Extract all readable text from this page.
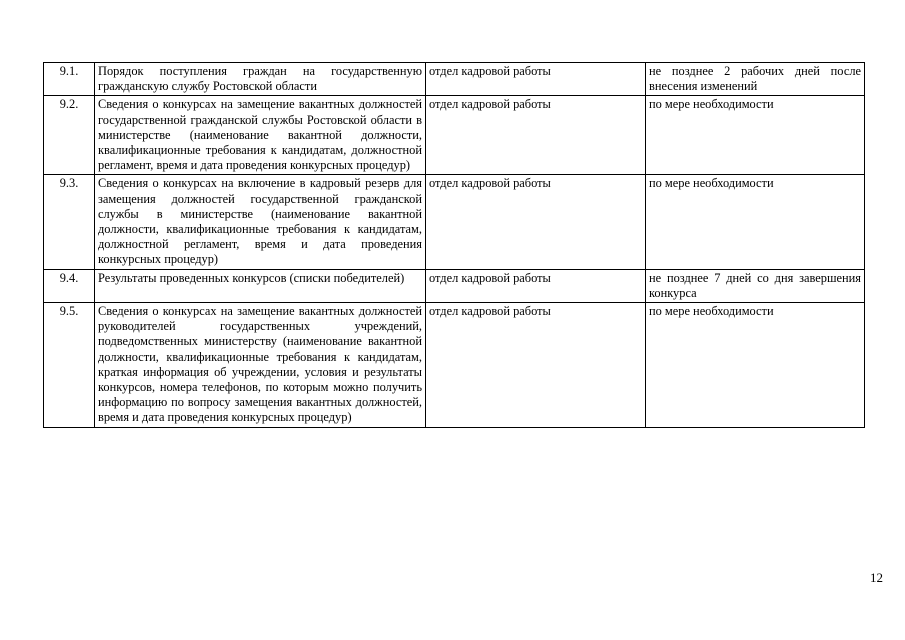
9.1.	Порядок поступления граждан на государственную гражданскую службу Ростовской области	отдел кадровой работы	не позднее 2 рабочих дней после внесения изменений
9.2.	Сведения о конкурсах на замещение вакантных должностей государственной гражданской службы Ростовской области в министерстве (наименование вакантной должности, квалификационные требования к кандидатам, должностной регламент, время и дата проведения конкурсных процедур)	отдел кадровой работы	по мере необходимости
9.3.	Сведения о конкурсах на включение в кадровый резерв для замещения должностей государственной гражданской службы в министерстве (наименование вакантной должности, квалификационные требования к кандидатам, должностной регламент, время и дата проведения конкурсных процедур)	отдел кадровой работы	по мере необходимости
9.4.	Результаты проведенных конкурсов (списки победителей)	отдел кадровой работы	не позднее 7 дней со дня завершения конкурса
9.5.	Сведения о конкурсах на замещение вакантных должностей руководителей государственных учреждений, подведомственных министерству (наименование вакантной должности, квалификационные требования к кандидатам, краткая информация об учреждении, условия и результаты конкурсов, номера телефонов, по которым можно получить информацию по вопросу замещения вакантных должностей, время и дата проведения конкурсных процедур)	отдел кадровой работы	по мере необходимости
12
